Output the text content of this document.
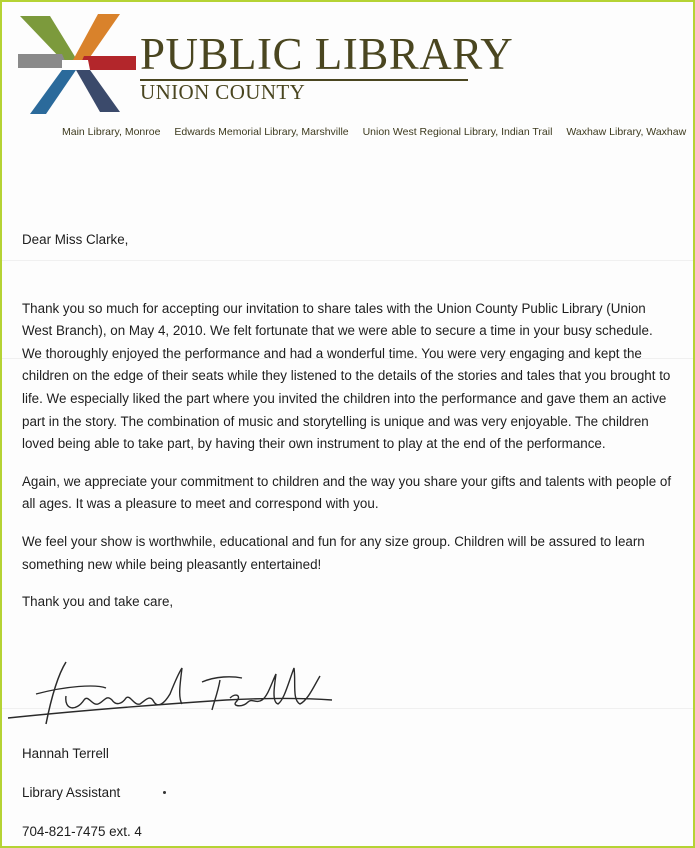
connect PUBLIC LIBRARY
UNION COUNTY
Main Library, Monroe Edwards Memorial Library, Marshville Union West Regional Library, Indian Trail Waxhaw Library, Waxhaw

Dear Miss Clarke,

Thank you so much for accepting our invitation to share tales with the Union County Public Library (Union West Branch), on May 4, 2010. We felt fortunate that we were able to secure a time in your busy schedule. We thoroughly enjoyed the performance and had a wonderful time. You were very engaging and kept the children on the edge of their seats while they listened to the details of the stories and tales that you brought to life. We especially liked the part where you invited the children into the performance and gave them an active part in the story. The combination of music and storytelling is unique and was very enjoyable. The children loved being able to take part, by having their own instrument to play at the end of the performance.

Again, we appreciate your commitment to children and the way you share your gifts and talents with people of all ages. It was a pleasure to meet and correspond with you.

We feel your show is worthwhile, educational and fun for any size group. Children will be assured to learn something new while being pleasantly entertained!

Thank you and take care,

Hannah Terrell

Library Assistant

704-821-7475 ext. 4
